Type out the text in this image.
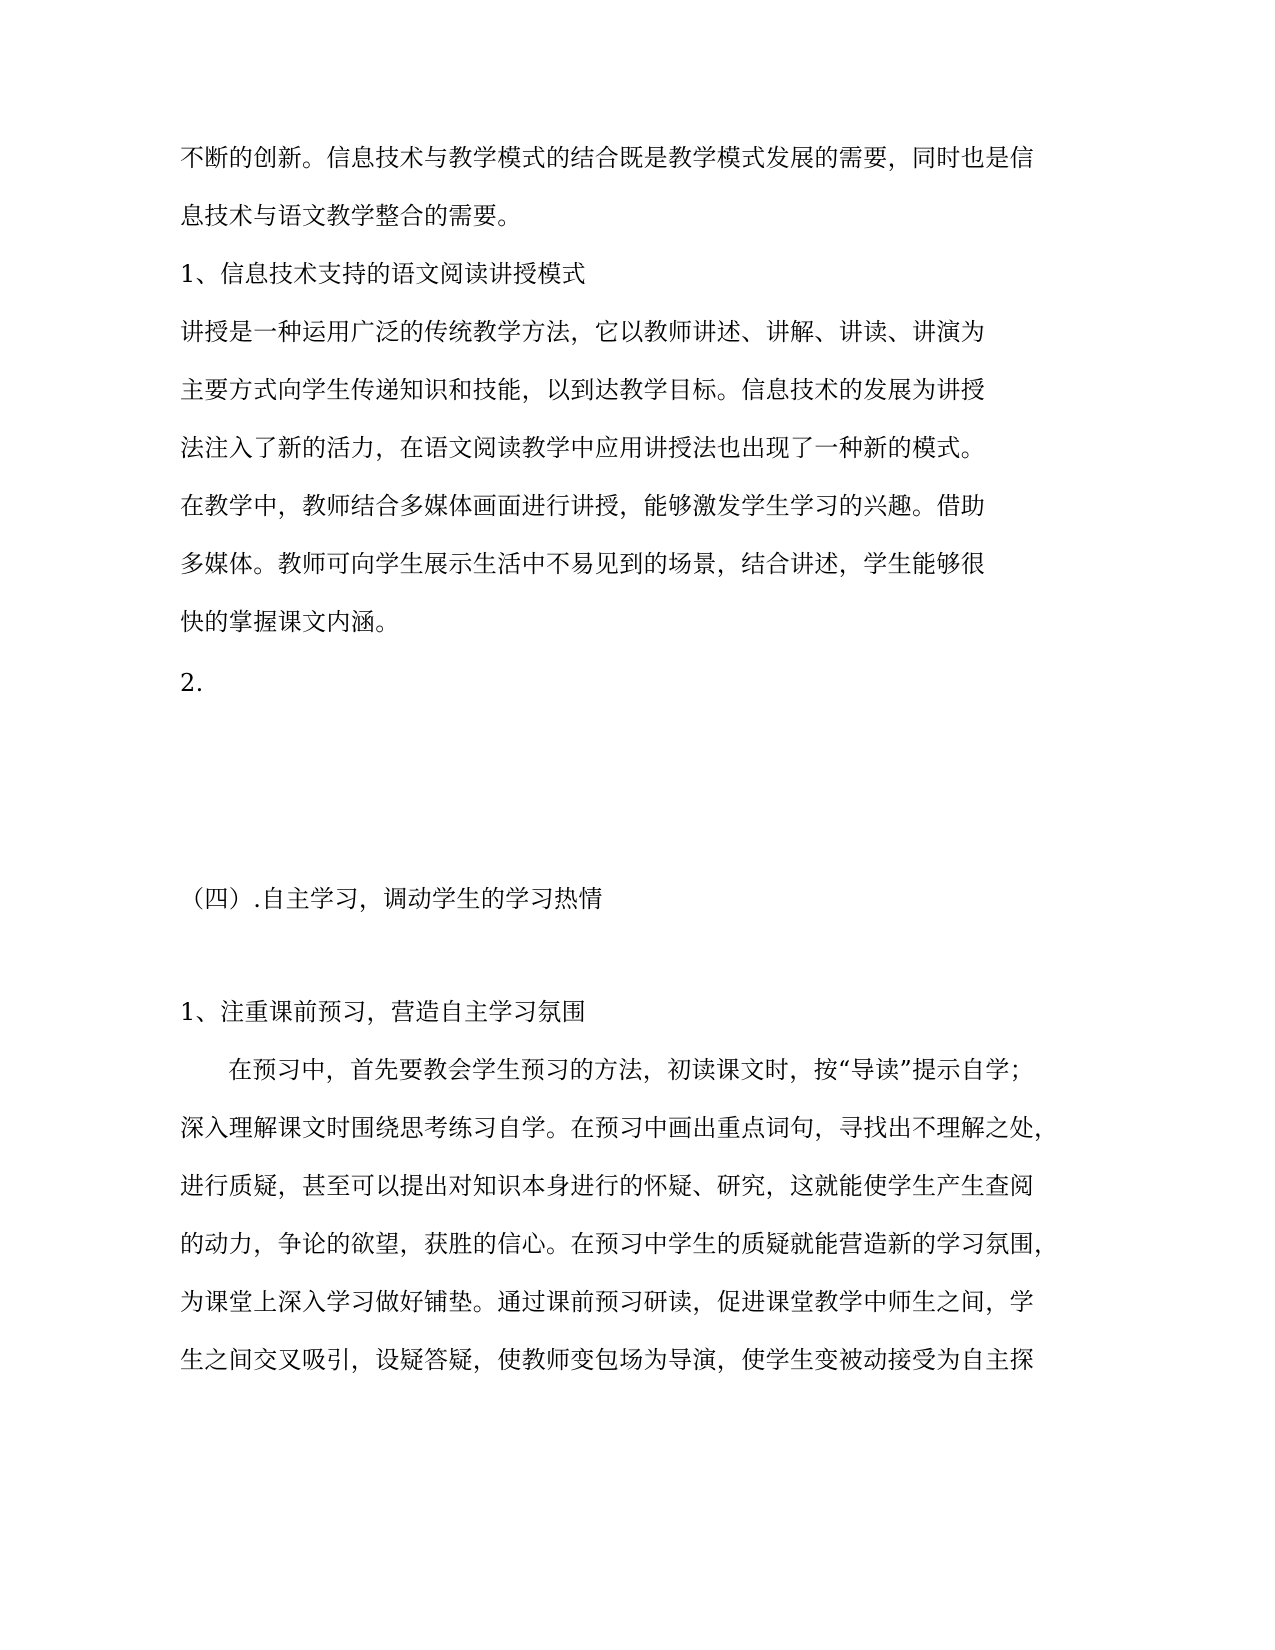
不断的创新。信息技术与教学模式的结合既是教学模式发展的需要，同时也是信
息技术与语文教学整合的需要。
1、信息技术支持的语文阅读讲授模式
讲授是一种运用广泛的传统教学方法，它以教师讲述、讲解、讲读、讲演为
主要方式向学生传递知识和技能，以到达教学目标。信息技术的发展为讲授
法注入了新的活力，在语文阅读教学中应用讲授法也出现了一种新的模式。
在教学中，教师结合多媒体画面进行讲授，能够激发学生学习的兴趣。借助
多媒体。教师可向学生展示生活中不易见到的场景，结合讲述，学生能够很
快的掌握课文内涵。
2.
（四）.自主学习，调动学生的学习热情
1、注重课前预习，营造自主学习氛围
在预习中，首先要教会学生预习的方法，初读课文时，按“导读”提示自学；
深入理解课文时围绕思考练习自学。在预习中画出重点词句，寻找出不理解之处，
进行质疑，甚至可以提出对知识本身进行的怀疑、研究，这就能使学生产生查阅
的动力，争论的欲望，获胜的信心。在预习中学生的质疑就能营造新的学习氛围，
为课堂上深入学习做好铺垫。通过课前预习研读，促进课堂教学中师生之间，学
生之间交叉吸引，设疑答疑，使教师变包场为导演，使学生变被动接受为自主探
